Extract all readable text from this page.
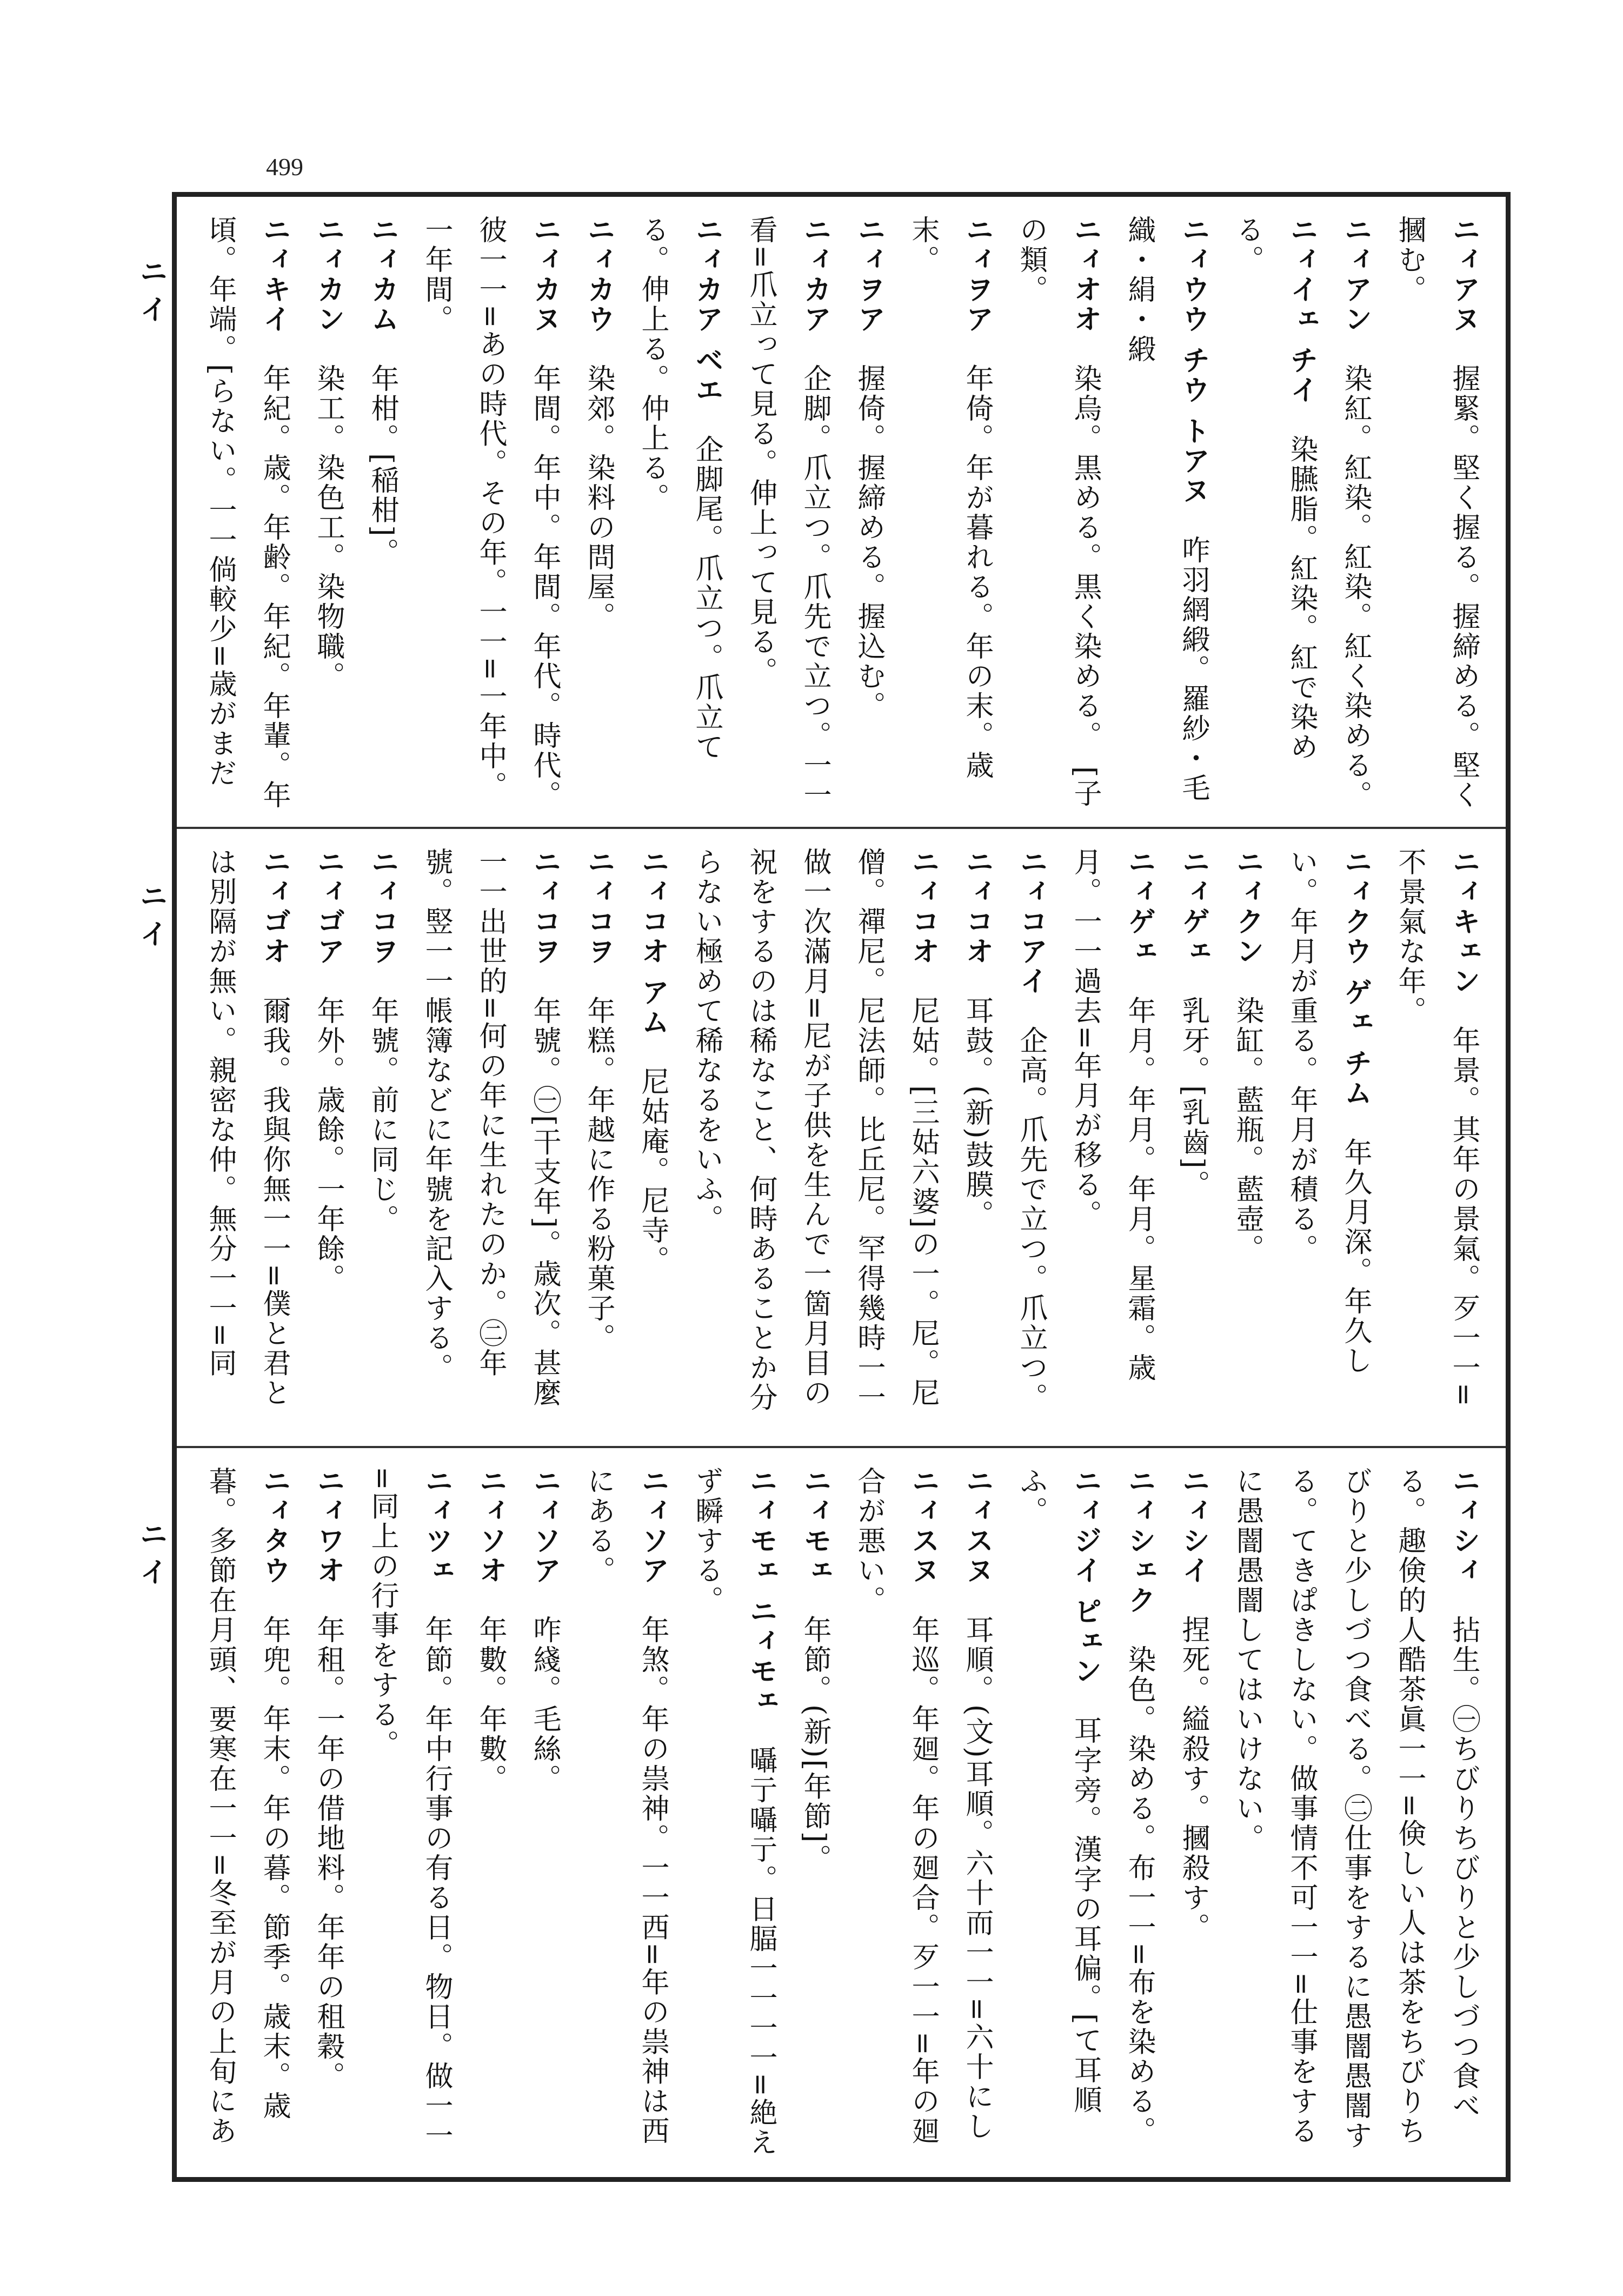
499
ニイ
ニイ
ニイ
ニィアヌ　握緊。堅く握る。握締める。堅く摑む。
ニィアン　染紅。紅染。紅染。紅く染める。
ニィイェ チイ　染臙脂。紅染。紅で染める。
ニィウウ チウ トアヌ　咋羽網緞。羅紗・毛織・絹・緞
ニィオオ　染烏。黒める。黒く染める。　[子の類。
ニィヲア　年倚。年が暮れる。年の末。歳末。
ニィヲア　握倚。握締める。握込む。
ニィカア　企脚。爪立つ。爪先で立つ。一一看=爪立って見る。伸上って見る。
ニィカア ベエ　企脚尾。爪立つ。爪立てる。伸上る。仲上る。
ニィカウ　染郊。染料の問屋。
ニィカヌ　年間。年中。年間。年代。時代。彼一一=あの時代。その年。一一=一年中。一年間。
ニィカム　年柑。[稲柑]。
ニィカン　染工。染色工。染物職。
ニィキイ　年紀。歳。年齢。年紀。年輩。年頃。年端。[らない。一一倘較少=歳がまだ

ニィキェン　年景。其年の景氣。歹一一=不景氣な年。
ニィクウ ゲェ チム　年久月深。年久しい。年月が重る。年月が積る。
ニィクン　染缸。藍瓶。藍壺。
ニィゲェ　乳牙。[乳齒]。
ニィゲェ　年月。年月。年月。星霜。歳月。一一過去=年月が移る。
ニィコアイ　企高。爪先で立つ。爪立つ。
ニィコオ　耳鼓。(新)鼓膜。
ニィコオ　尼姑。[三姑六婆]の一。尼。尼僧。禪尼。尼法師。比丘尼。罕得幾時一一做一次滿月=尼が子供を生んで一箇月目の祝をするのは稀なこと、何時あることか分らない極めて稀なるをいふ。
ニィコオ アム　尼姑庵。尼寺。
ニィコヲ　年糕。年越に作る粉菓子。
ニィコヲ　年號。㊀[干支年]。歳次。甚麼一一出世的=何の年に生れたのか。㊁年號。竪一一帳簿などに年號を記入する。
ニィコヲ　年號。前に同じ。
ニィゴア　年外。歳餘。一年餘。
ニィゴオ　爾我。我與你無一一=僕と君とは別隔が無い。親密な仲。無分一一=同

ニィシィ　拈生。㊀ちびりちびりと少しづつ食べる。趣倹的人酷茶眞一一=倹しい人は茶をちびりちびりと少しづつ食べる。㊁仕事をするに愚闇愚闇する。てきぱきしない。做事情不可一一=仕事をするに愚闇愚闇してはいけない。
ニィシイ　捏死。縊殺す。摑殺す。
ニィシェク　染色。染める。布一一=布を染める。
ニィジイ ピェン　耳字旁。漢字の耳偏。[て耳順ふ。
ニィスヌ　耳順。(文)耳順。六十而一一=六十にし
ニィスヌ　年巡。年廻。年の廻合。歹一一=年の廻合が悪い。
ニィモェ　年節。(新)[年節]。
ニィモェ ニィモェ　囁亍囁亍。日腷一一一一=絶えず瞬する。
ニィソア　年煞。年の祟神。一一西=年の祟神は西にある。
ニィソア　咋綫。毛絲。
ニィソオ　年數。年數。
ニィツェ　年節。年中行事の有る日。物日。做一一=同上の行事をする。
ニィワオ　年租。一年の借地料。年年の租穀。
ニィタウ　年兜。年末。年の暮。節季。歳末。歳暮。多節在月頭、要寒在一一=冬至が月の上旬にあ
